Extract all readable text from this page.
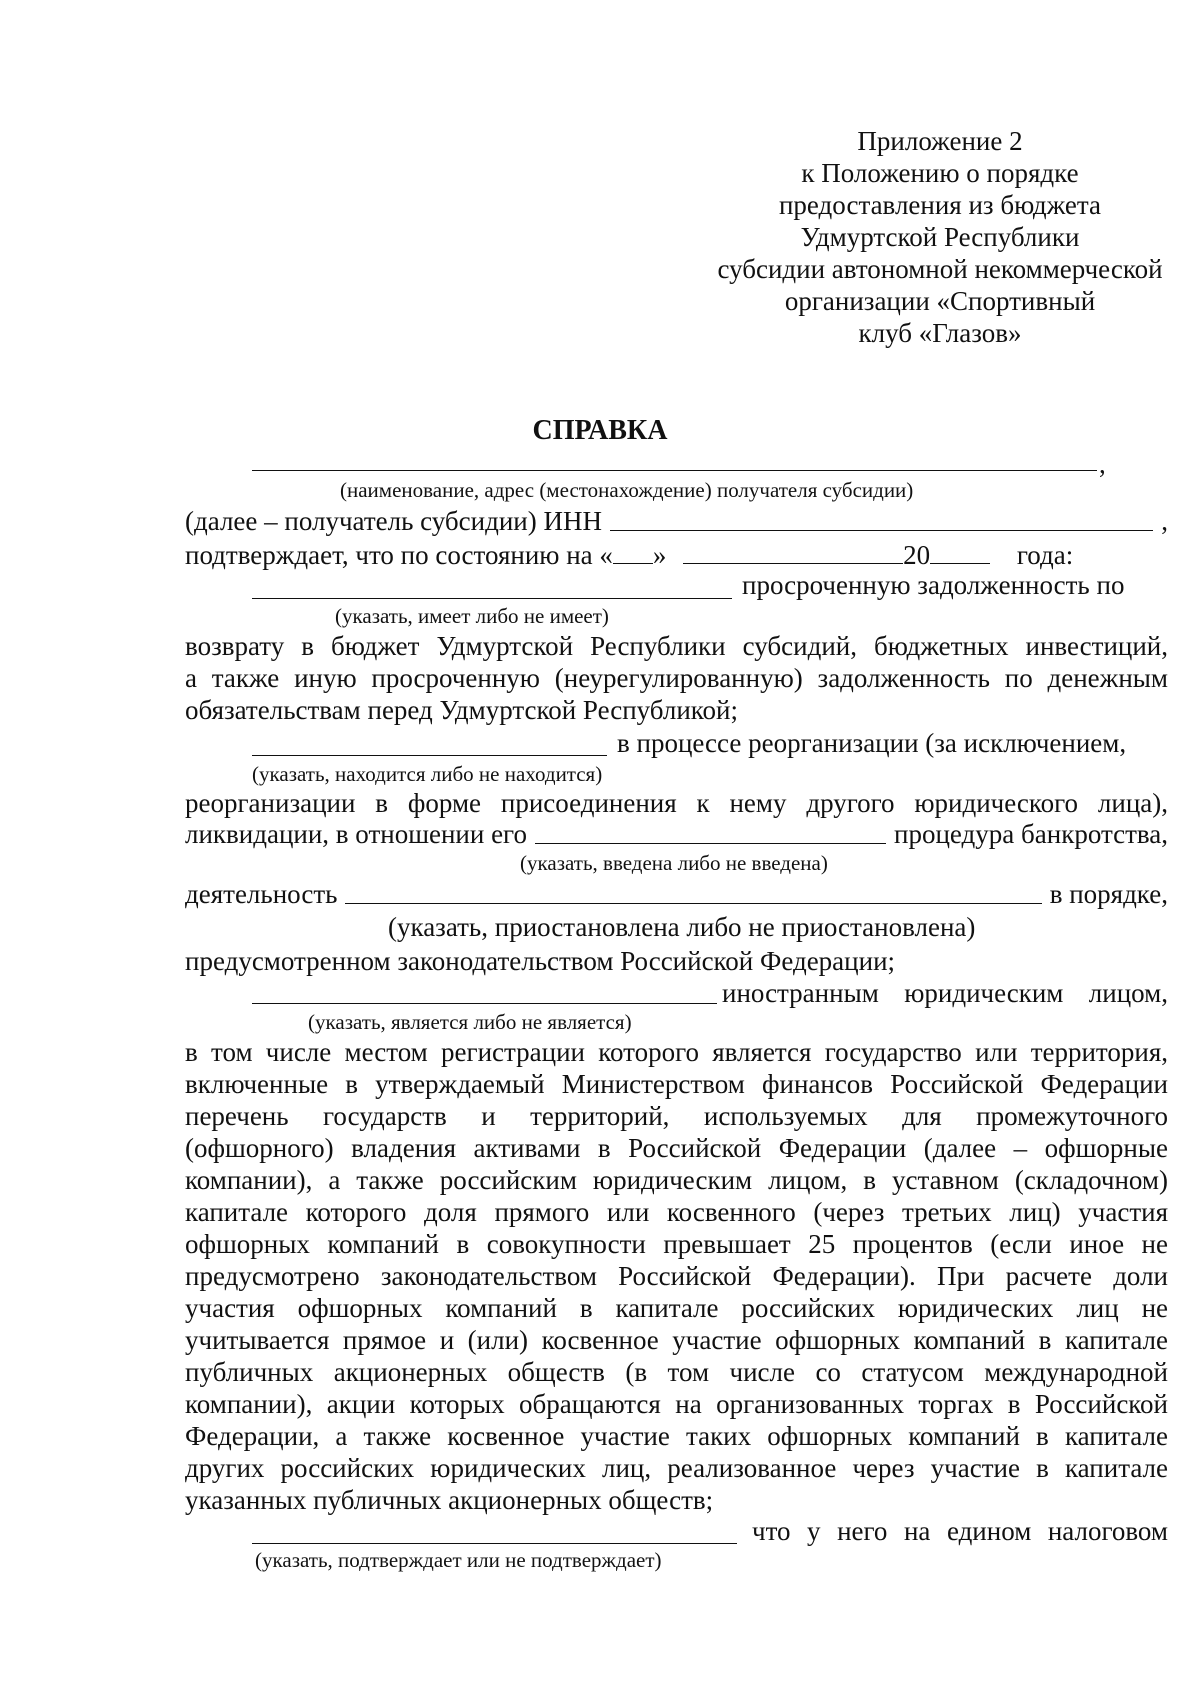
Приложение 2
к Положению о порядке
предоставления из бюджета
Удмуртской Республики
субсидии автономной некоммерческой
организации «Спортивный
клуб «Глазов»
СПРАВКА
,
(наименование, адрес (местонахождение) получателя субсидии)
(далее – получатель субсидии) ИНН	,
подтверждает, что по состоянию на « »	20	года:
просроченную задолженность по
(указать, имеет либо не имеет)
возврату в бюджет Удмуртской Республики субсидий, бюджетных инвестиций,
а также иную просроченную (неурегулированную) задолженность по денежным
обязательствам перед Удмуртской Республикой;
в процессе реорганизации (за исключением,
(указать, находится либо не находится)
реорганизации в форме присоединения к нему другого юридического лица),
ликвидации, в отношении его	процедура банкротства,
(указать, введена либо не введена)
деятельность	в порядке,
(указать, приостановлена либо не приостановлена)
предусмотренном законодательством Российской Федерации;
иностранным юридическим лицом,
(указать, является либо не является)
в том числе местом регистрации которого является государство или территория,
включенные в утверждаемый Министерством финансов Российской Федерации
перечень государств и территорий, используемых для промежуточного
(офшорного) владения активами в Российской Федерации (далее – офшорные
компании), а также российским юридическим лицом, в уставном (складочном)
капитале которого доля прямого или косвенного (через третьих лиц) участия
офшорных компаний в совокупности превышает 25 процентов (если иное не
предусмотрено законодательством Российской Федерации). При расчете доли
участия офшорных компаний в капитале российских юридических лиц не
учитывается прямое и (или) косвенное участие офшорных компаний в капитале
публичных акционерных обществ (в том числе со статусом международной
компании), акции которых обращаются на организованных торгах в Российской
Федерации, а также косвенное участие таких офшорных компаний в капитале
других российских юридических лиц, реализованное через участие в капитале
указанных публичных акционерных обществ;
что у него на едином налоговом
(указать, подтверждает или не подтверждает)
